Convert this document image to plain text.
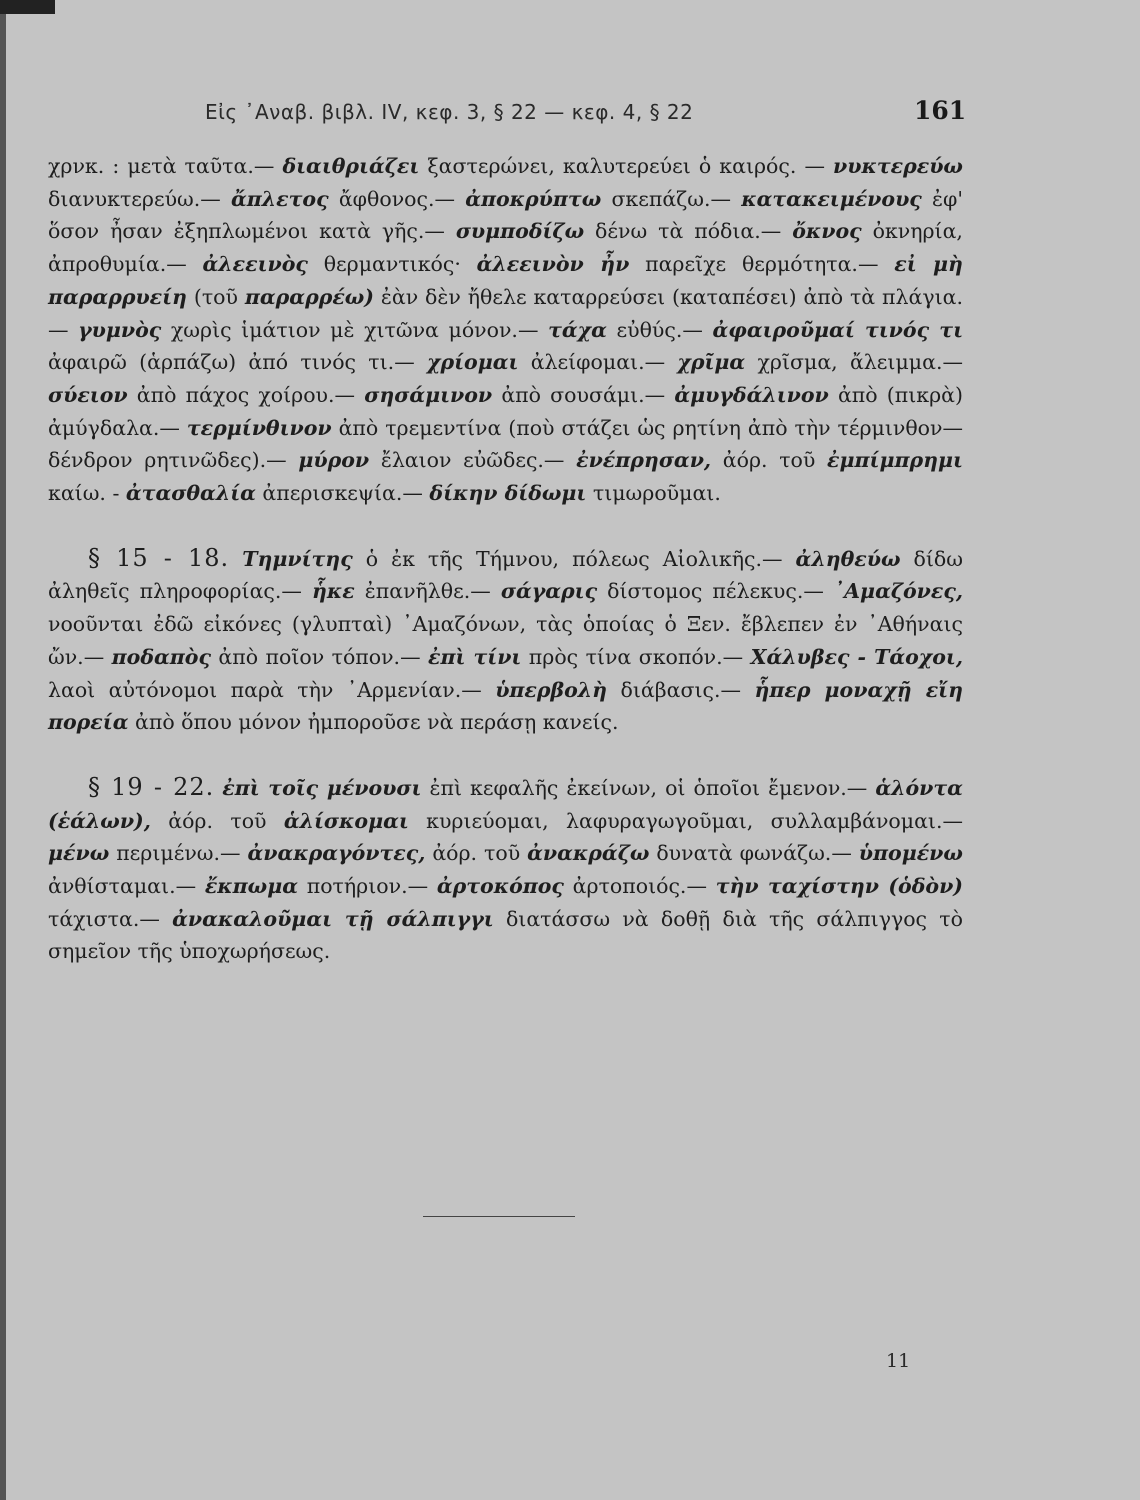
Εἰς ᾿Αναβ. βιβλ. IV, κεφ. 3, § 22 — κεφ. 4, § 22	161

χρνκ. : μετὰ ταῦτα.— διαιθριάζει ξαστερώνει, καλυτερεύει ὁ καιρός. — νυκτερεύω διανυκτερεύω.— ἄπλετος ἄφθονος.— ἀποκρύπτω σκεπάζω.— κατακειμένους ἐφ' ὅσον ἦσαν ἐξηπλωμένοι κατὰ γῆς.— συμποδίζω δένω τὰ πόδια.— ὄκνος ὀκνηρία, ἀπροθυμία.— ἀλεεινὸς θερμαντικός· ἀλεεινὸν ἦν παρεῖχε θερμότητα.— εἰ μὴ παραρρυείη (τοῦ παραρρέω) ἐὰν δὲν ἤθελε καταρρεύσει (καταπέσει) ἀπὸ τὰ πλάγια.— γυμνὸς χωρὶς ἱμάτιον μὲ χιτῶνα μόνον.— τάχα εὐθύς.— ἀφαιροῦμαί τινός τι ἀφαιρῶ (ἁρπάζω) ἀπό τινός τι.— χρίομαι ἀλείφομαι.— χρῖμα χρῖσμα, ἄλειμμα.— σύειον ἀπὸ πάχος χοίρου.— σησάμινον ἀπὸ σουσάμι.— ἀμυγδάλινον ἀπὸ (πικρὰ) ἀμύγδαλα.— τερμίνθινον ἀπὸ τρεμεντίνα (ποὺ στάζει ὡς ρητίνη ἀπὸ τὴν τέρμινθον— δένδρον ρητινῶδες).— μύρον ἔλαιον εὐῶδες.— ἐνέπρησαν, ἀόρ. τοῦ ἐμπίμπρημι καίω. - ἀτασθαλία ἀπερισκεψία.— δίκην δίδωμι τιμωροῦμαι.

§ 15 - 18. Τημνίτης ὁ ἐκ τῆς Τήμνου, πόλεως Αἰολικῆς.— ἀληθεύω δίδω ἀληθεῖς πληροφορίας.— ἧκε ἐπανῆλθε.— σάγαρις δίστομος πέλεκυς.— ᾿Αμαζόνες, νοοῦνται ἐδῶ εἰκόνες (γλυπταὶ) ᾿Αμαζόνων, τὰς ὁποίας ὁ Ξεν. ἔβλεπεν ἐν ᾿Αθήναις ὤν.— ποδαπὸς ἀπὸ ποῖον τόπον.— ἐπὶ τίνι πρὸς τίνα σκοπόν.— Χάλυβες - Τάοχοι, λαοὶ αὐτόνομοι παρὰ τὴν ᾿Αρμενίαν.— ὑπερβολὴ διάβασις.— ἧπερ μοναχῇ εἴη πορεία ἀπὸ ὅπου μόνον ἠμποροῦσε νὰ περάσῃ κανείς.

§ 19 - 22. ἐπὶ τοῖς μένουσι ἐπὶ κεφαλῆς ἐκείνων, οἱ ὁποῖοι ἔμενον.— ἁλόντα (ἑάλων), ἀόρ. τοῦ ἁλίσκομαι κυριεύομαι, λαφυραγωγοῦμαι, συλλαμβάνομαι.— μένω περιμένω.— ἀνακραγόντες, ἀόρ. τοῦ ἀνακράζω δυνατὰ φωνάζω.— ὑπομένω ἀνθίσταμαι.— ἔκπωμα ποτήριον.— ἀρτοκόπος ἀρτοποιός.— τὴν ταχίστην (ὁδὸν) τάχιστα.— ἀνακαλοῦμαι τῇ σάλπιγγι διατάσσω νὰ δοθῇ διὰ τῆς σάλπιγγος τὸ σημεῖον τῆς ὑποχωρήσεως.

11
